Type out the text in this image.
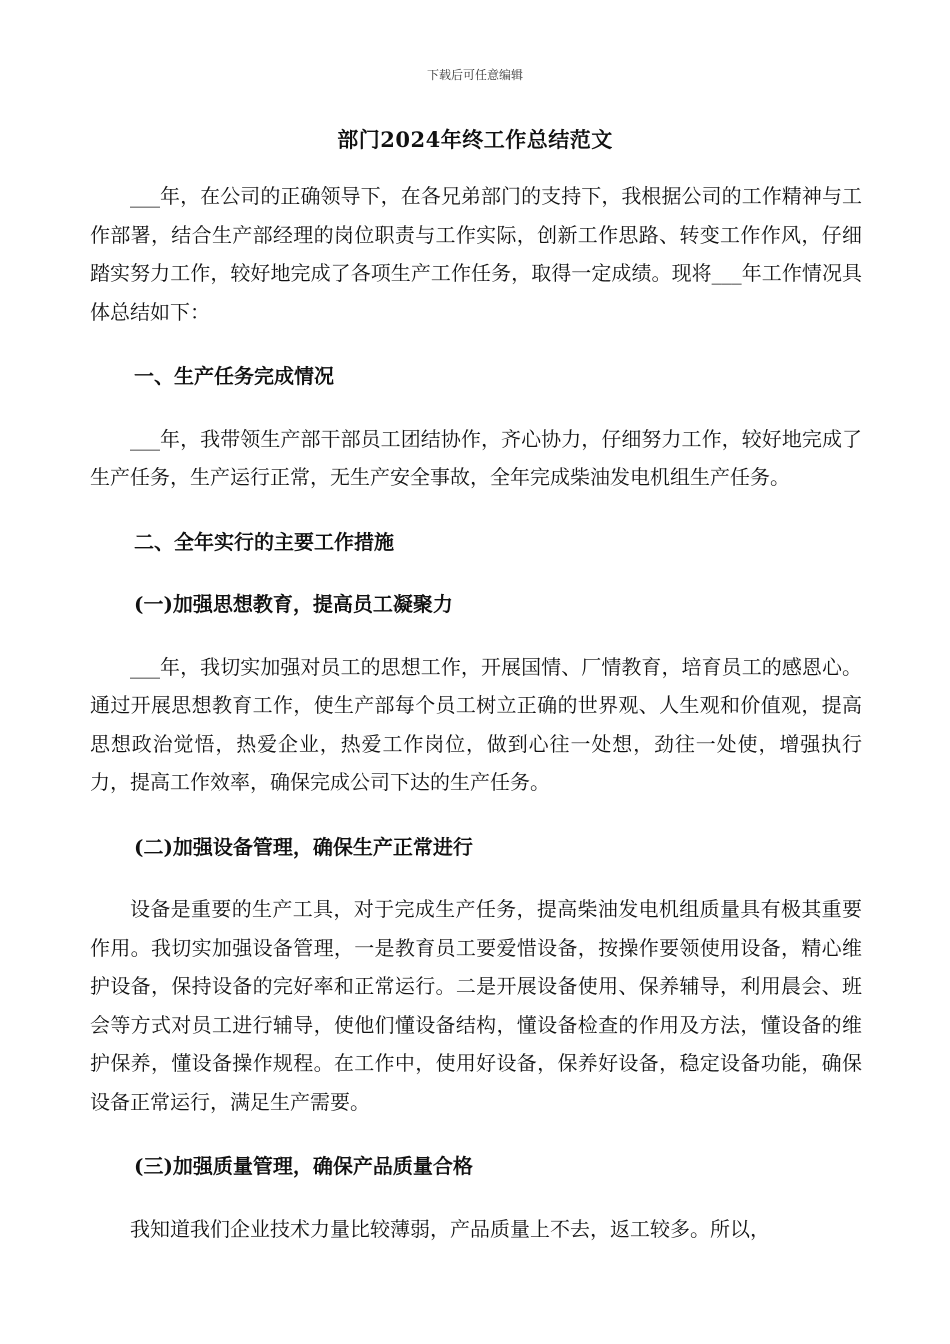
下载后可任意编辑
部门2024年终工作总结范文

___年，在公司的正确领导下，在各兄弟部门的支持下，我根据公司的工作精神与工作部署，结合生产部经理的岗位职责与工作实际，创新工作思路、转变工作作风，仔细踏实努力工作，较好地完成了各项生产工作任务，取得一定成绩。现将___年工作情况具体总结如下：

一、生产任务完成情况

___年，我带领生产部干部员工团结协作，齐心协力，仔细努力工作，较好地完成了生产任务，生产运行正常，无生产安全事故，全年完成柴油发电机组生产任务。

二、全年实行的主要工作措施

(一)加强思想教育，提高员工凝聚力

___年，我切实加强对员工的思想工作，开展国情、厂情教育，培育员工的感恩心。通过开展思想教育工作，使生产部每个员工树立正确的世界观、人生观和价值观，提高思想政治觉悟，热爱企业，热爱工作岗位，做到心往一处想，劲往一处使，增强执行力，提高工作效率，确保完成公司下达的生产任务。

(二)加强设备管理，确保生产正常进行

设备是重要的生产工具，对于完成生产任务，提高柴油发电机组质量具有极其重要作用。我切实加强设备管理，一是教育员工要爱惜设备，按操作要领使用设备，精心维护设备，保持设备的完好率和正常运行。二是开展设备使用、保养辅导，利用晨会、班会等方式对员工进行辅导，使他们懂设备结构，懂设备检查的作用及方法，懂设备的维护保养，懂设备操作规程。在工作中，使用好设备，保养好设备，稳定设备功能，确保设备正常运行，满足生产需要。

(三)加强质量管理，确保产品质量合格

我知道我们企业技术力量比较薄弱，产品质量上不去，返工较多。所以，
